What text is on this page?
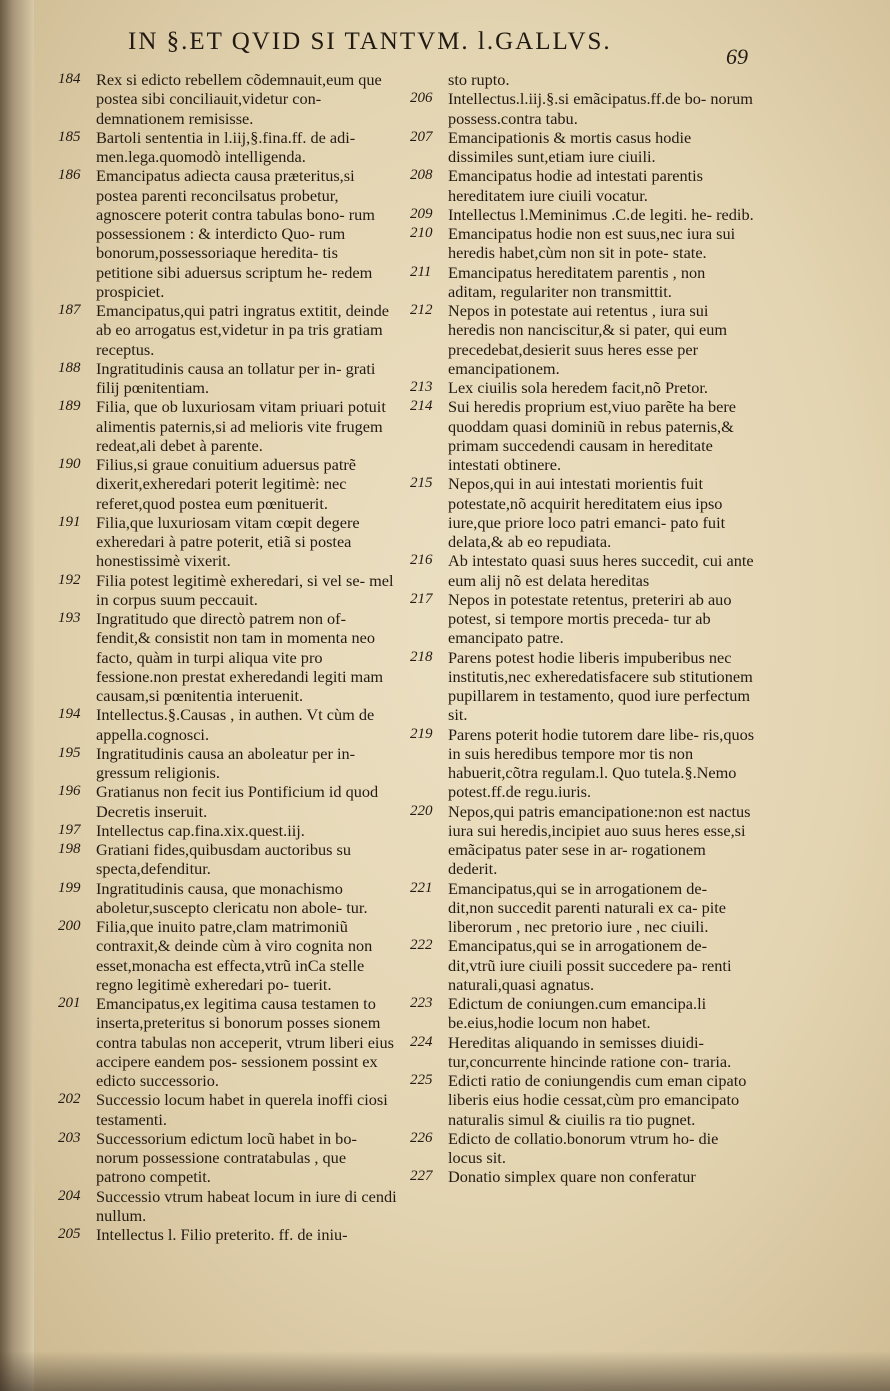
IN §.ET QVID SI TANTVM. l.GALLVS.
69
184 Rex si edicto rebellem cõdemnauit,eum que postea sibi conciliauit,videtur con- demnationem remisisse.
185 Bartoli sententia in l.iij,§.fina.ff. de adi- men.lega.quomodò intelligenda.
186 Emancipatus adiecta causa præteritus,si postea parenti reconcilsatus probetur, agnoscere poterit contra tabulas bono- rum possessionem : & interdicto Quo- rum bonorum,possessoriaque heredita- tis petitione sibi aduersus scriptum he- redem prospiciet.
187 Emancipatus,qui patri ingratus extitit, deinde ab eo arrogatus est,videtur in pa tris gratiam receptus.
188 Ingratitudinis causa an tollatur per in- grati filij pœnitentiam.
189 Filia, que ob luxuriosam vitam priuari potuit alimentis paternis,si ad melioris vite frugem redeat,ali debet à parente.
190 Filius,si graue conuitium aduersus patrẽ dixerit,exheredari poterit legitimè: nec referet,quod postea eum pœnituerit.
191 Filia,que luxuriosam vitam cœpit degere exheredari à patre poterit, etiã si postea honestissimè vixerit.
192 Filia potest legitimè exheredari, si vel se- mel in corpus suum peccauit.
193 Ingratitudo que directò patrem non of- fendit,& consistit non tam in momenta neo facto, quàm in turpi aliqua vite pro fessione.non prestat exheredandi legiti mam causam,si pœnitentia interuenit.
194 Intellectus.§.Causas , in authen. Vt cùm de appella.cognosci.
195 Ingratitudinis causa an aboleatur per in- gressum religionis.
196 Gratianus non fecit ius Pontificium id quod Decretis inseruit.
197 Intellectus cap.fina.xix.quest.iij.
198 Gratiani fides,quibusdam auctoribus su specta,defenditur.
199 Ingratitudinis causa, que monachismo aboletur,suscepto clericatu non abole- tur.
200 Filia,que inuito patre,clam matrimoniũ contraxit,& deinde cùm à viro cognita non esset,monacha est effecta,vtrũ inCa stelle regno legitimè exheredari po- tuerit.
201 Emancipatus,ex legitima causa testamen to inserta,preteritus si bonorum posses sionem contra tabulas non acceperit, vtrum liberi eius accipere eandem pos- sessionem possint ex edicto successorio.
202 Successio locum habet in querela inoffi ciosi testamenti.
203 Successorium edictum locũ habet in bo- norum possessione contratabulas , que patrono competit.
204 Successio vtrum habeat locum in iure di cendi nullum.
205 Intellectus l. Filio preterito. ff. de iniu-
sto rupto.
206 Intellectus.l.iij.§.si emãcipatus.ff.de bo- norum possess.contra tabu.
207 Emancipationis & mortis casus hodie dissimiles sunt,etiam iure ciuili.
208 Emancipatus hodie ad intestati parentis hereditatem iure ciuili vocatur.
209 Intellectus l.Meminimus .C.de legiti. he- redib.
210 Emancipatus hodie non est suus,nec iura sui heredis habet,cùm non sit in pote- state.
211	Emancipatus hereditatem parentis , non aditam, regulariter non transmittit.
212 Nepos in potestate aui retentus , iura sui heredis non nanciscitur,& si pater, qui eum precedebat,desierit suus heres esse per emancipationem.
213 Lex ciuilis sola heredem facit,nõ Pretor.
214 Sui heredis proprium est,viuo parẽte ha bere quoddam quasi dominiũ in rebus paternis,& primam succedendi causam in hereditate intestati obtinere.
215 Nepos,qui in aui intestati morientis fuit potestate,nõ acquirit hereditatem eius ipso iure,que priore loco patri emanci- pato fuit delata,& ab eo repudiata.
216 Ab intestato quasi suus heres succedit, cui ante eum alij nõ est delata hereditas
217 Nepos in potestate retentus, preteriri ab auo potest, si tempore mortis preceda- tur ab emancipato patre.
218 Parens potest hodie liberis impuberibus nec institutis,nec exheredatisfacere sub stitutionem pupillarem in testamento, quod iure perfectum sit.
219 Parens poterit hodie tutorem dare libe- ris,quos in suis heredibus tempore mor tis non habuerit,cõtra regulam.l. Quo tutela.§.Nemo potest.ff.de regu.iuris.
220 Nepos,qui patris emancipatione:non est nactus iura sui heredis,incipiet auo suus heres esse,si emãcipatus pater sese in ar- rogationem dederit.
221 Emancipatus,qui se in arrogationem de- dit,non succedit parenti naturali ex ca- pite liberorum , nec pretorio iure , nec ciuili.
222 Emancipatus,qui se in arrogationem de- dit,vtrũ iure ciuili possit succedere pa- renti naturali,quasi agnatus.
223 Edictum de coniungen.cum emancipa.li be.eius,hodie locum non habet.
224 Hereditas aliquando in semisses diuidi- tur,concurrente hincinde ratione con- traria.
225 Edicti ratio de coniungendis cum eman cipato liberis eius hodie cessat,cùm pro emancipato naturalis simul & ciuilis ra tio pugnet.
226 Edicto de collatio.bonorum vtrum ho- die locus sit.
227 Donatio simplex quare non conferatur
